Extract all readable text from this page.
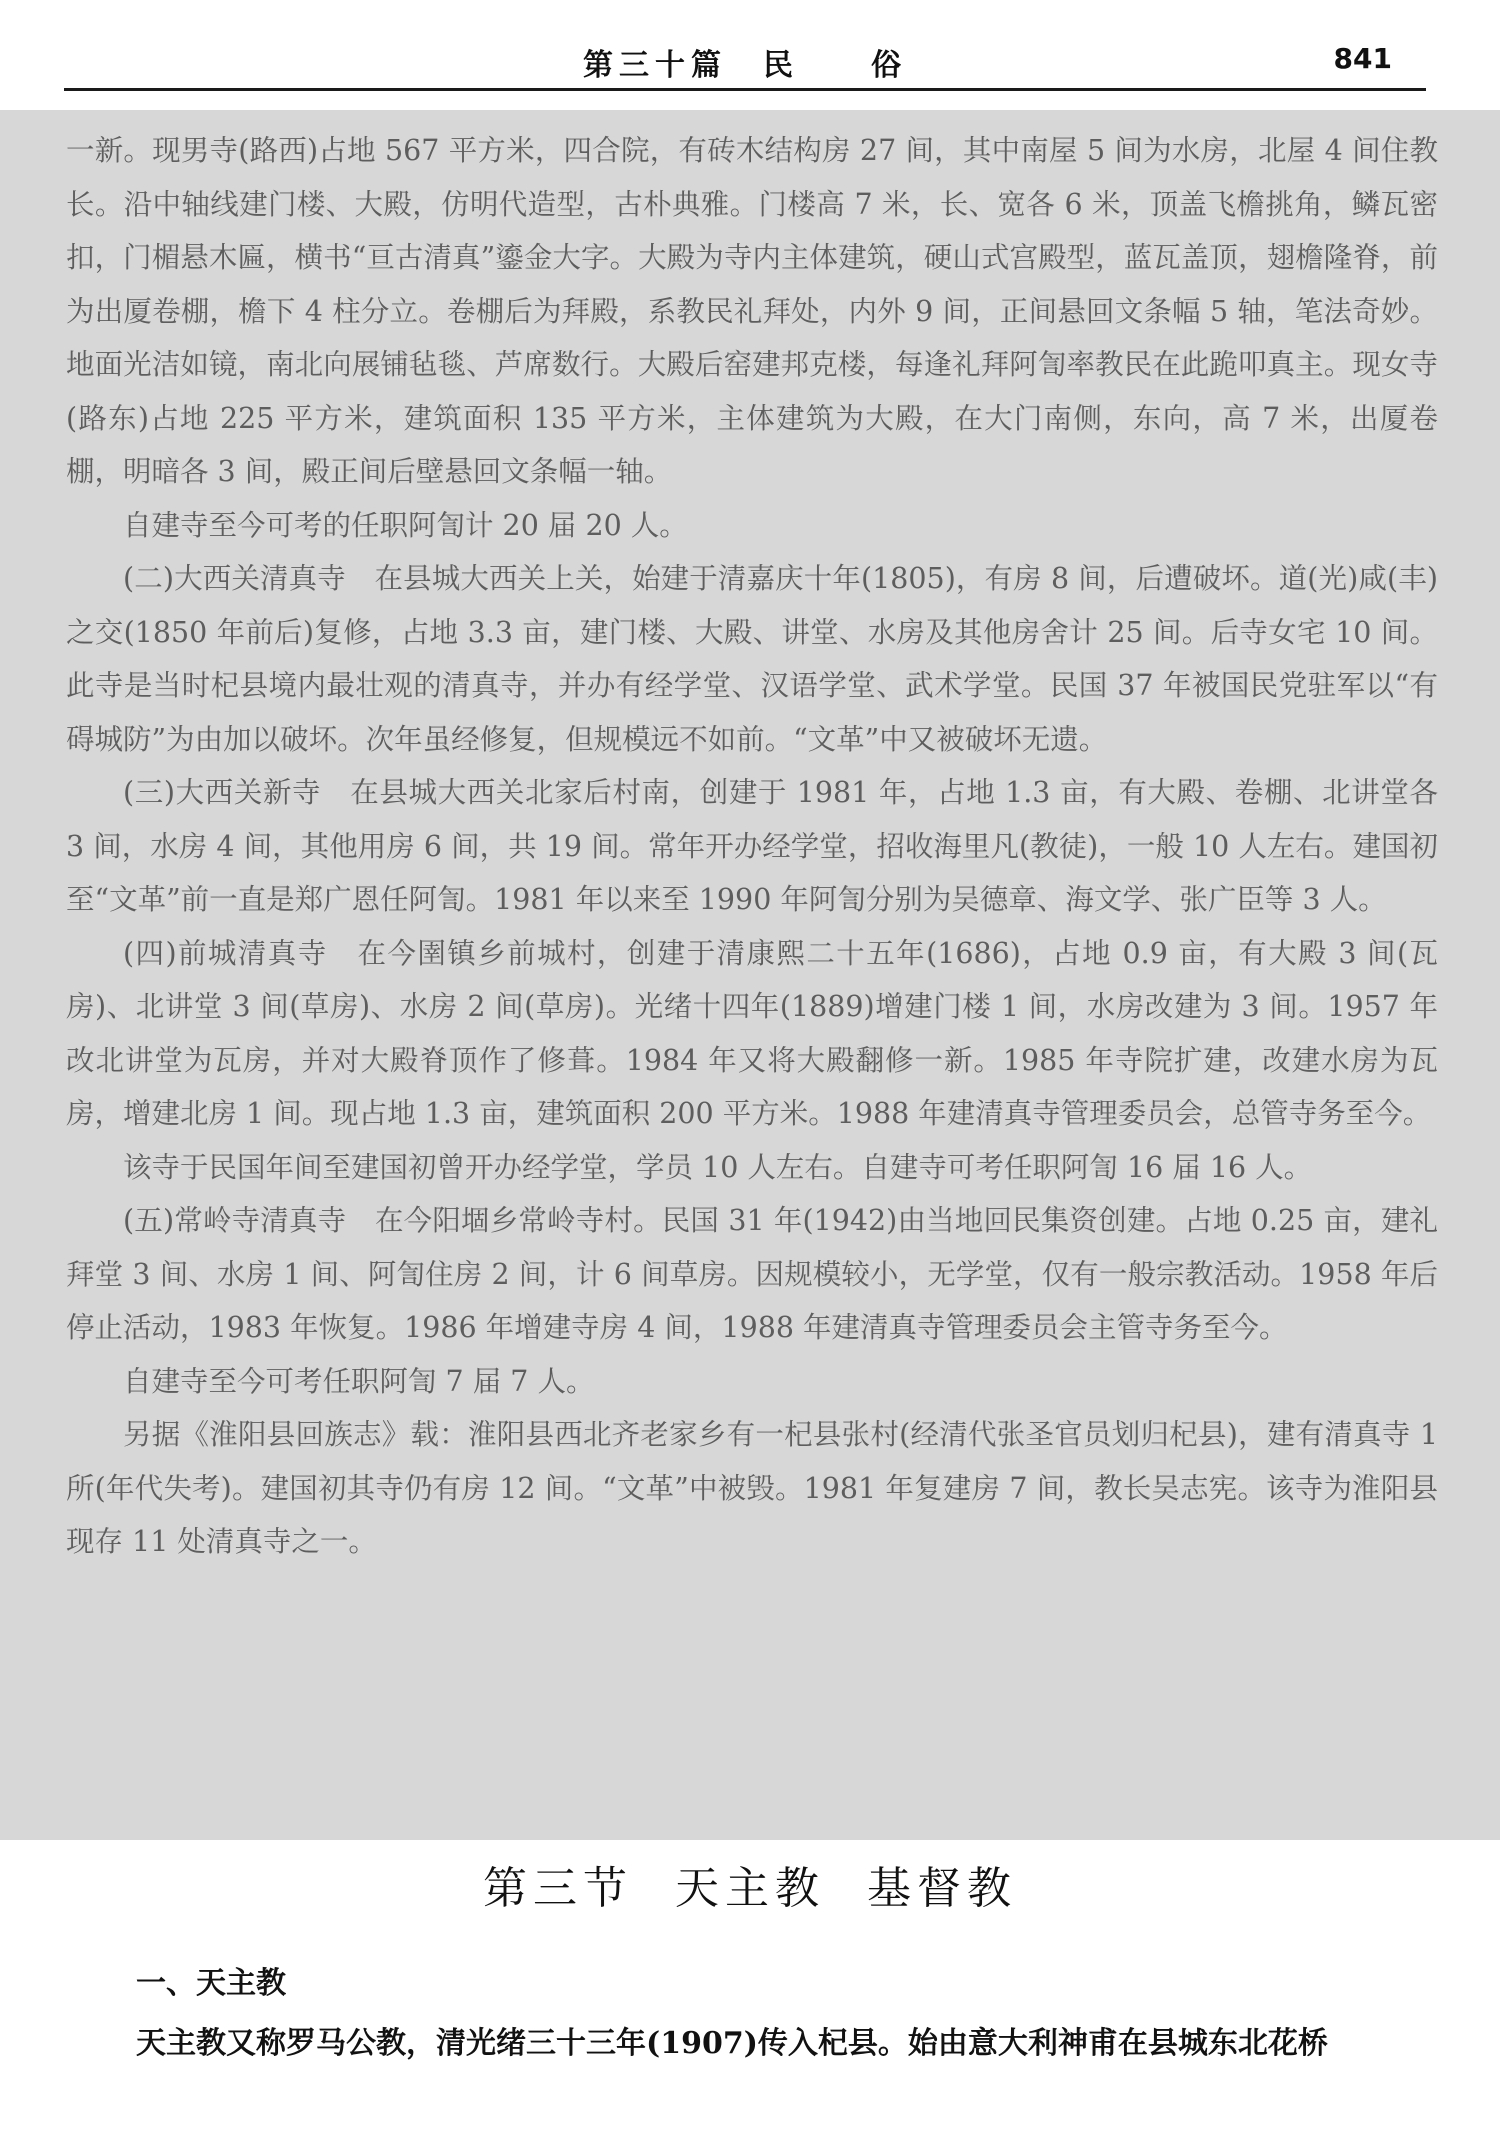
第三十篇　民　　俗	841

一新。现男寺(路西)占地 567 平方米，四合院，有砖木结构房 27 间，其中南屋 5 间为水房，北屋 4 间住教长。沿中轴线建门楼、大殿，仿明代造型，古朴典雅。门楼高 7 米，长、宽各 6 米，顶盖飞檐挑角，鳞瓦密扣，门楣悬木匾，横书“亘古清真”鎏金大字。大殿为寺内主体建筑，硬山式宫殿型，蓝瓦盖顶，翅檐隆脊，前为出厦卷棚，檐下 4 柱分立。卷棚后为拜殿，系教民礼拜处，内外 9 间，正间悬回文条幅 5 轴，笔法奇妙。地面光洁如镜，南北向展铺毡毯、芦席数行。大殿后窑建邦克楼，每逢礼拜阿訇率教民在此跪叩真主。现女寺(路东)占地 225 平方米，建筑面积 135 平方米，主体建筑为大殿，在大门南侧，东向，高 7 米，出厦卷棚，明暗各 3 间，殿正间后壁悬回文条幅一轴。

自建寺至今可考的任职阿訇计 20 届 20 人。

(二)大西关清真寺　在县城大西关上关，始建于清嘉庆十年(1805)，有房 8 间，后遭破坏。道(光)咸(丰)之交(1850 年前后)复修，占地 3.3 亩，建门楼、大殿、讲堂、水房及其他房舍计 25 间。后寺女宅 10 间。此寺是当时杞县境内最壮观的清真寺，并办有经学堂、汉语学堂、武术学堂。民国 37 年被国民党驻军以“有碍城防”为由加以破坏。次年虽经修复，但规模远不如前。“文革”中又被破坏无遗。

(三)大西关新寺　在县城大西关北家后村南，创建于 1981 年，占地 1.3 亩，有大殿、卷棚、北讲堂各 3 间，水房 4 间，其他用房 6 间，共 19 间。常年开办经学堂，招收海里凡(教徒)，一般 10 人左右。建国初至“文革”前一直是郑广恩任阿訇。1981 年以来至 1990 年阿訇分别为吴德章、海文学、张广臣等 3 人。

(四)前城清真寺　在今圉镇乡前城村，创建于清康熙二十五年(1686)，占地 0.9 亩，有大殿 3 间(瓦房)、北讲堂 3 间(草房)、水房 2 间(草房)。光绪十四年(1889)增建门楼 1 间，水房改建为 3 间。1957 年改北讲堂为瓦房，并对大殿脊顶作了修葺。1984 年又将大殿翻修一新。1985 年寺院扩建，改建水房为瓦房，增建北房 1 间。现占地 1.3 亩，建筑面积 200 平方米。1988 年建清真寺管理委员会，总管寺务至今。

该寺于民国年间至建国初曾开办经学堂，学员 10 人左右。自建寺可考任职阿訇 16 届 16 人。

(五)常岭寺清真寺　在今阳堌乡常岭寺村。民国 31 年(1942)由当地回民集资创建。占地 0.25 亩，建礼拜堂 3 间、水房 1 间、阿訇住房 2 间，计 6 间草房。因规模较小，无学堂，仅有一般宗教活动。1958 年后停止活动，1983 年恢复。1986 年增建寺房 4 间，1988 年建清真寺管理委员会主管寺务至今。

自建寺至今可考任职阿訇 7 届 7 人。

另据《淮阳县回族志》载：淮阳县西北齐老家乡有一杞县张村(经清代张圣官员划归杞县)，建有清真寺 1 所(年代失考)。建国初其寺仍有房 12 间。“文革”中被毁。1981 年复建房 7 间，教长吴志宪。该寺为淮阳县现存 11 处清真寺之一。

第三节 天主教 基督教
一、天主教
天主教又称罗马公教，清光绪三十三年(1907)传入杞县。始由意大利神甫在县城东北花桥
